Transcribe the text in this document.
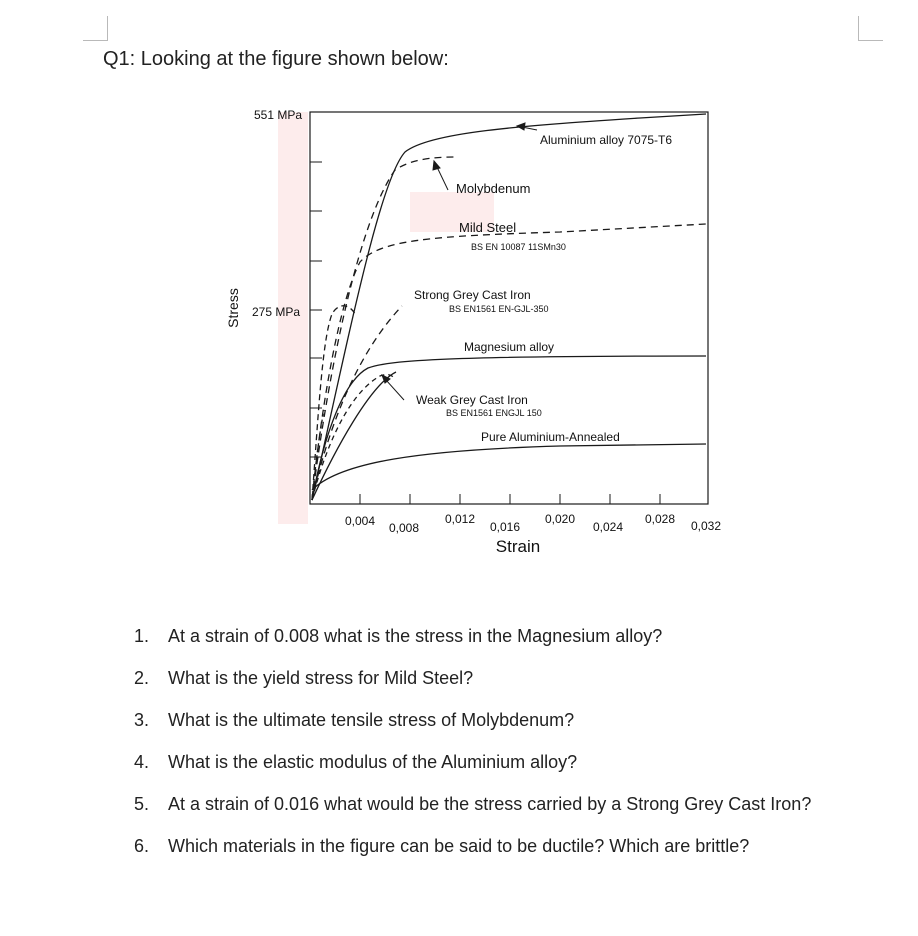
Q1: Looking at the figure shown below:
551 MPa
275 MPa
Stress
0,004 0,008
0,012
0,016
0,020
0,024
0,028 0,032
Strain
Aluminium alloy 7075-T6
Molybdenum
Mild Steel
BS EN 10087 11SMn30
Strong Grey Cast Iron
BS EN1561 EN-GJL-350
Magnesium alloy
Weak Grey Cast Iron
BS EN1561 ENGJL 150
Pure Aluminium-Annealed
1. At a strain of 0.008 what is the stress in the Magnesium alloy?
2. What is the yield stress for Mild Steel?
3. What is the ultimate tensile stress of Molybdenum?
4. What is the elastic modulus of the Aluminium alloy?
5. At a strain of 0.016 what would be the stress carried by a Strong Grey Cast Iron?
6. Which materials in the figure can be said to be ductile? Which are brittle?
